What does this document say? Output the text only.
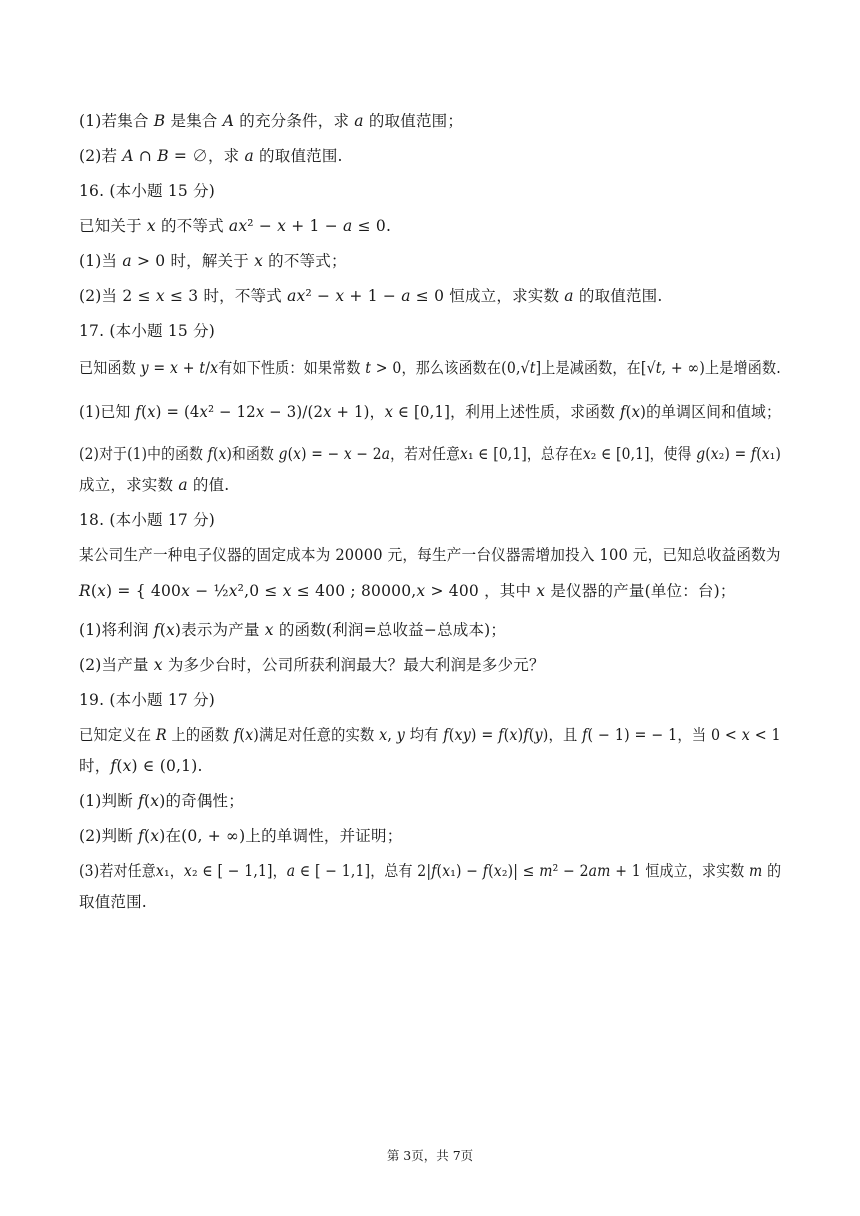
(1)若集合 𝐵 是集合 𝐴 的充分条件，求 𝑎 的取值范围；
(2)若 𝐴 ∩ 𝐵 = ∅，求 𝑎 的取值范围.
16. (本小题 15 分)
已知关于 𝑥 的不等式 𝑎𝑥² − 𝑥 + 1 − 𝑎 ≤ 0.
(1)当 𝑎 > 0 时，解关于 𝑥 的不等式；
(2)当 2 ≤ 𝑥 ≤ 3 时，不等式 𝑎𝑥² − 𝑥 + 1 − 𝑎 ≤ 0 恒成立，求实数 𝑎 的取值范围.
17. (本小题 15 分)
已知函数 𝑦 = 𝑥 + 𝑡/𝑥有如下性质：如果常数 𝑡 > 0，那么该函数在(0,√𝑡]上是减函数，在[√𝑡, + ∞)上是增函数.
(1)已知 𝑓(𝑥) = (4𝑥² − 12𝑥 − 3)/(2𝑥 + 1)，𝑥 ∈ [0,1]，利用上述性质，求函数 𝑓(𝑥)的单调区间和值域；
(2)对于(1)中的函数 𝑓(𝑥)和函数 𝑔(𝑥) = − 𝑥 − 2𝑎，若对任意𝑥₁ ∈ [0,1]，总存在𝑥₂ ∈ [0,1]，使得 𝑔(𝑥₂) = 𝑓(𝑥₁)
成立，求实数 𝑎 的值.
18. (本小题 17 分)
某公司生产一种电子仪器的固定成本为 20000 元，每生产一台仪器需增加投入 100 元，已知总收益函数为
𝑅(𝑥) = { 400𝑥 − ½𝑥²,0 ≤ 𝑥 ≤ 400 ; 80000,𝑥 > 400 ，其中 𝑥 是仪器的产量(单位：台)；
(1)将利润 𝑓(𝑥)表示为产量 𝑥 的函数(利润=总收益−总成本)；
(2)当产量 𝑥 为多少台时，公司所获利润最大？最大利润是多少元？
19. (本小题 17 分)
已知定义在 𝑅 上的函数 𝑓(𝑥)满足对任意的实数 𝑥, 𝑦 均有 𝑓(𝑥𝑦) = 𝑓(𝑥)𝑓(𝑦)，且 𝑓( − 1) = − 1，当 0 < 𝑥 < 1
时，𝑓(𝑥) ∈ (0,1).
(1)判断 𝑓(𝑥)的奇偶性；
(2)判断 𝑓(𝑥)在(0, + ∞)上的单调性，并证明；
(3)若对任意𝑥₁，𝑥₂ ∈ [ − 1,1]，𝑎 ∈ [ − 1,1]，总有 2|𝑓(𝑥₁) − 𝑓(𝑥₂)| ≤ 𝑚² − 2𝑎𝑚 + 1 恒成立，求实数 𝑚 的
取值范围.
第 3页，共 7页
